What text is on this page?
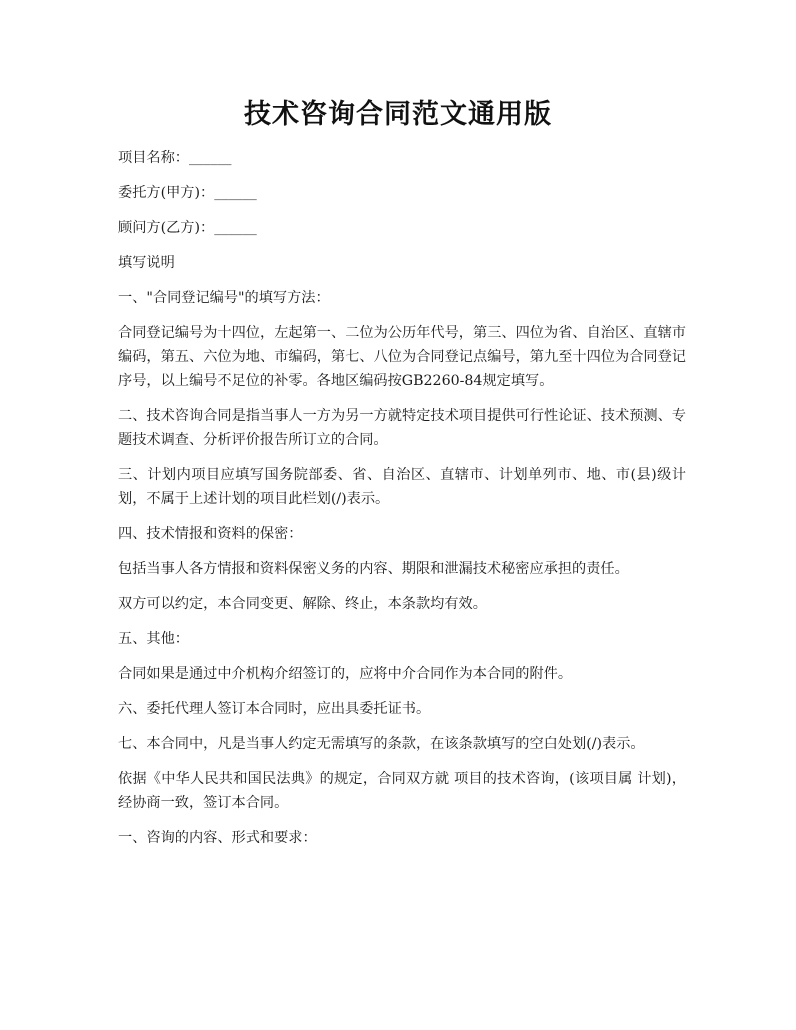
技术咨询合同范文通用版

项目名称：______

委托方(甲方)：______

顾问方(乙方)：______

填写说明

一、"合同登记编号"的填写方法：

合同登记编号为十四位，左起第一、二位为公历年代号，第三、四位为省、自治区、直辖市编码，第五、六位为地、市编码，第七、八位为合同登记点编号，第九至十四位为合同登记序号，以上编号不足位的补零。各地区编码按GB2260-84规定填写。

二、技术咨询合同是指当事人一方为另一方就特定技术项目提供可行性论证、技术预测、专题技术调查、分析评价报告所订立的合同。

三、计划内项目应填写国务院部委、省、自治区、直辖市、计划单列市、地、市(县)级计划，不属于上述计划的项目此栏划(/)表示。

四、技术情报和资料的保密：

包括当事人各方情报和资料保密义务的内容、期限和泄漏技术秘密应承担的责任。

双方可以约定，本合同变更、解除、终止，本条款均有效。

五、其他：

合同如果是通过中介机构介绍签订的，应将中介合同作为本合同的附件。

六、委托代理人签订本合同时，应出具委托证书。

七、本合同中，凡是当事人约定无需填写的条款，在该条款填写的空白处划(/)表示。

依据《中华人民共和国民法典》的规定，合同双方就 项目的技术咨询，(该项目属 计划)，经协商一致，签订本合同。

一、咨询的内容、形式和要求：
